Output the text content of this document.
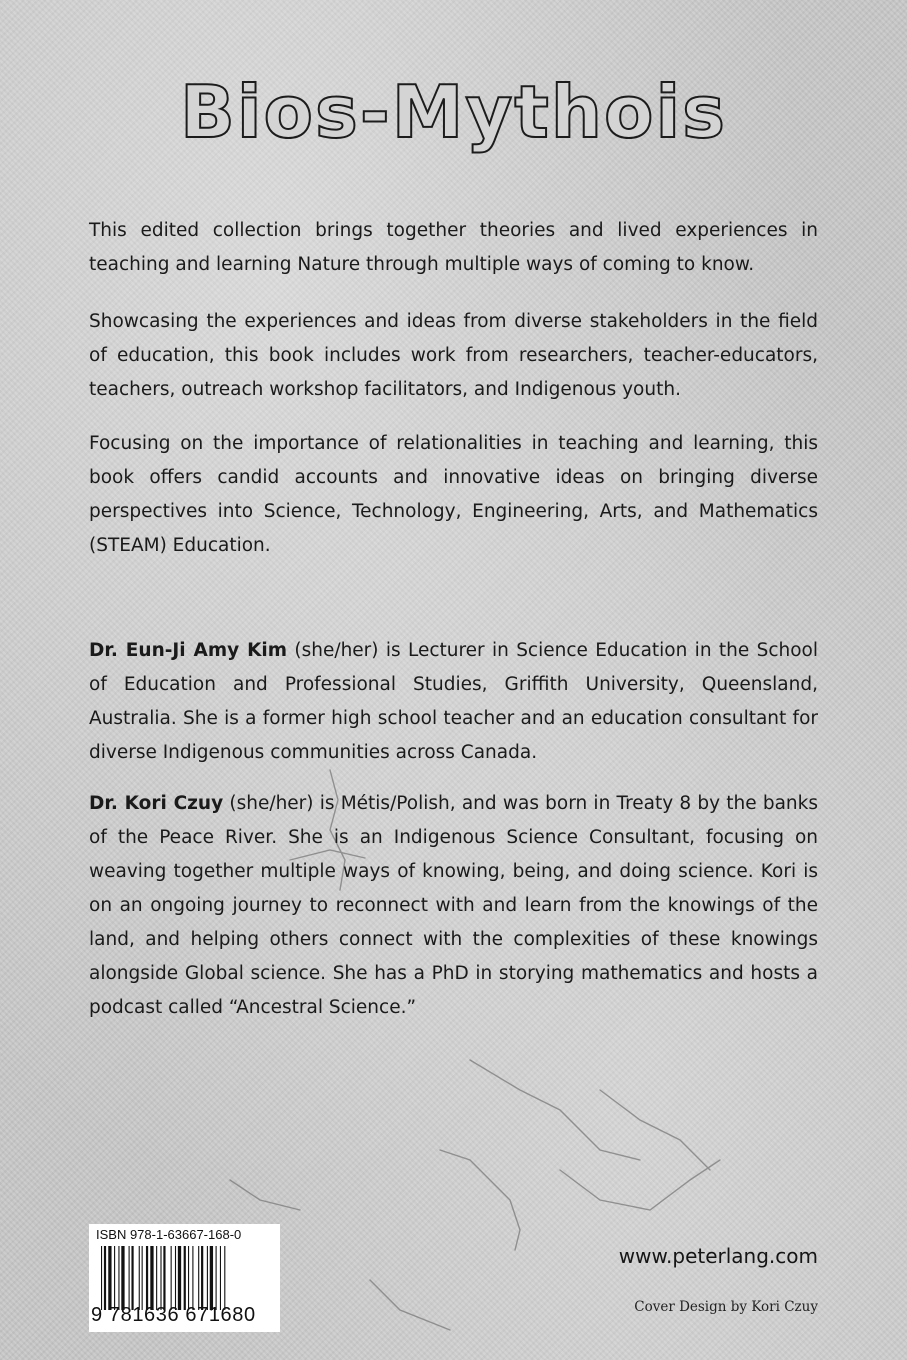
Bios-Mythois

This edited collection brings together theories and lived experiences in teaching and learning Nature through multiple ways of coming to know.

Showcasing the experiences and ideas from diverse stakeholders in the field of education, this book includes work from researchers, teacher-educators, teachers, outreach workshop facilitators, and Indigenous youth.

Focusing on the importance of relationalities in teaching and learning, this book offers candid accounts and innovative ideas on bringing diverse perspectives into Science, Technology, Engineering, Arts, and Mathematics (STEAM) Education.

Dr. Eun-Ji Amy Kim (she/her) is Lecturer in Science Education in the School of Education and Professional Studies, Griffith University, Queensland, Australia. She is a former high school teacher and an education consultant for diverse Indigenous communities across Canada.

Dr. Kori Czuy (she/her) is Métis/Polish, and was born in Treaty 8 by the banks of the Peace River. She is an Indigenous Science Consultant, focusing on weaving together multiple ways of knowing, being, and doing science. Kori is on an ongoing journey to reconnect with and learn from the knowings of the land, and helping others connect with the complexities of these knowings alongside Global science. She has a PhD in storying mathematics and hosts a podcast called “Ancestral Science.”

ISBN 978-1-63667-168-0
9 781636 671680
www.peterlang.com
Cover Design by Kori Czuy
